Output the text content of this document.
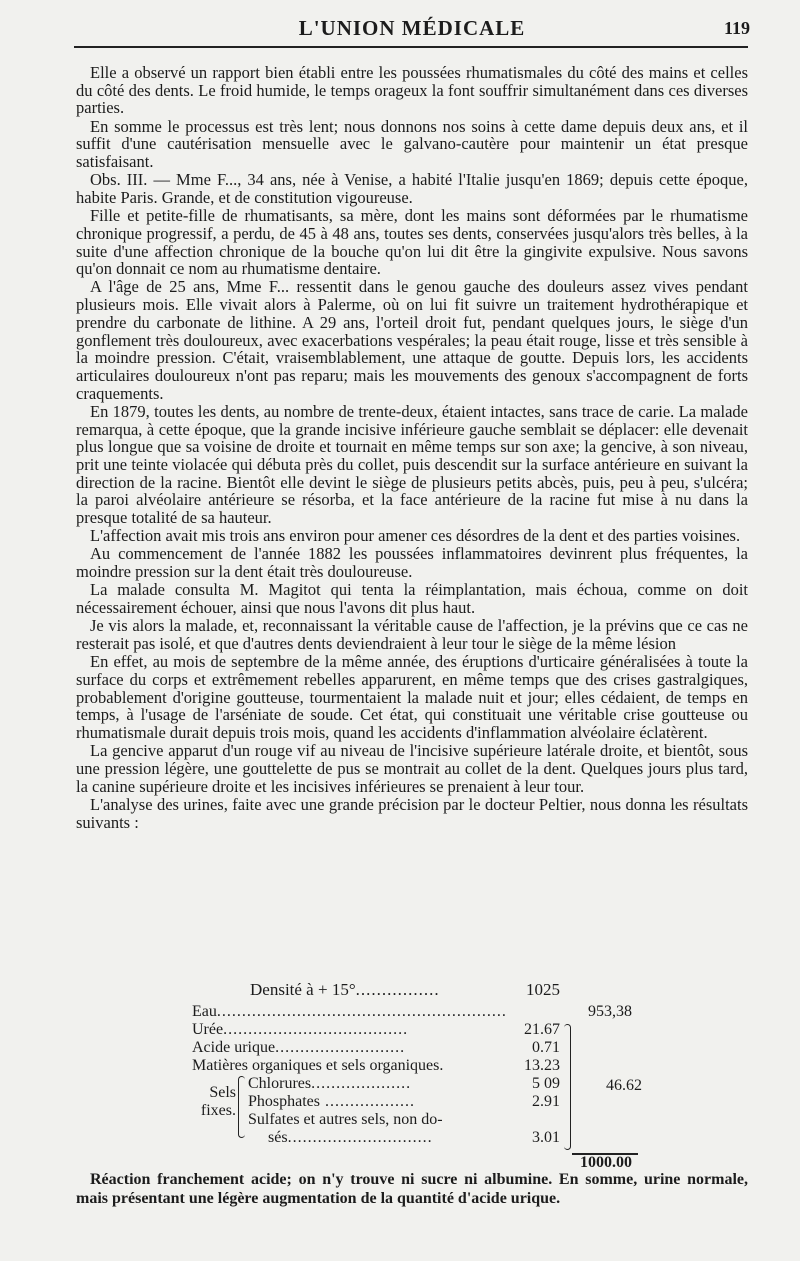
L'UNION MÉDICALE	119

Elle a observé un rapport bien établi entre les poussées rhumatismales du côté des mains et celles du côté des dents. Le froid humide, le temps orageux la font souffrir simultanément dans ces diverses parties.

En somme le processus est très lent; nous donnons nos soins à cette dame depuis deux ans, et il suffit d'une cautérisation mensuelle avec le galvano-cautère pour maintenir un état presque satisfaisant.

Obs. III. — Mme F..., 34 ans, née à Venise, a habité l'Italie jusqu'en 1869; depuis cette époque, habite Paris. Grande, et de constitution vigoureuse.

Fille et petite-fille de rhumatisants, sa mère, dont les mains sont déformées par le rhumatisme chronique progressif, a perdu, de 45 à 48 ans, toutes ses dents, conservées jusqu'alors très belles, à la suite d'une affection chronique de la bouche qu'on lui dit être la gingivite expulsive. Nous savons qu'on donnait ce nom au rhumatisme dentaire.

A l'âge de 25 ans, Mme F... ressentit dans le genou gauche des douleurs assez vives pendant plusieurs mois. Elle vivait alors à Palerme, où on lui fit suivre un traitement hydrothérapique et prendre du carbonate de lithine. A 29 ans, l'orteil droit fut, pendant quelques jours, le siège d'un gonflement très douloureux, avec exacerbations vespérales; la peau était rouge, lisse et très sensible à la moindre pression. C'était, vraisemblablement, une attaque de goutte. Depuis lors, les accidents articulaires douloureux n'ont pas reparu; mais les mouvements des genoux s'accompagnent de forts craquements.

En 1879, toutes les dents, au nombre de trente-deux, étaient intactes, sans trace de carie. La malade remarqua, à cette époque, que la grande incisive inférieure gauche semblait se déplacer: elle devenait plus longue que sa voisine de droite et tournait en même temps sur son axe; la gencive, à son niveau, prit une teinte violacée qui débuta près du collet, puis descendit sur la surface antérieure en suivant la direction de la racine. Bientôt elle devint le siège de plusieurs petits abcès, puis, peu à peu, s'ulcéra; la paroi alvéolaire antérieure se résorba, et la face antérieure de la racine fut mise à nu dans la presque totalité de sa hauteur.

L'affection avait mis trois ans environ pour amener ces désordres de la dent et des parties voisines.

Au commencement de l'année 1882 les poussées inflammatoires devinrent plus fréquentes, la moindre pression sur la dent était très douloureuse.

La malade consulta M. Magitot qui tenta la réimplantation, mais échoua, comme on doit nécessairement échouer, ainsi que nous l'avons dit plus haut.

Je vis alors la malade, et, reconnaissant la véritable cause de l'affection, je la prévins que ce cas ne resterait pas isolé, et que d'autres dents deviendraient à leur tour le siège de la même lésion

En effet, au mois de septembre de la même année, des éruptions d'urticaire généralisées à toute la surface du corps et extrêmement rebelles apparurent, en même temps que des crises gastralgiques, probablement d'origine goutteuse, tourmentaient la malade nuit et jour; elles cédaient, de temps en temps, à l'usage de l'arséniate de soude. Cet état, qui constituait une véritable crise goutteuse ou rhumatismale durait depuis trois mois, quand les accidents d'inflammation alvéolaire éclatèrent.

La gencive apparut d'un rouge vif au niveau de l'incisive supérieure latérale droite, et bientôt, sous une pression légère, une gouttelette de pus se montrait au collet de la dent. Quelques jours plus tard, la canine supérieure droite et les incisives inférieures se prenaient à leur tour.

L'analyse des urines, faite avec une grande précision par le docteur Peltier, nous donna les résultats suivants :

Densité à + 15°................	1025
Eau..........................................................	953,38
Urée.....................................	21.67
Acide urique..........................	0.71
Matières organiques et sels organiques.	13.23
Sels
fixes.
Chlorures....................	5 09
Phosphates ..................	2.91
Sulfates et autres sels, non do-
sés.............................	3.01
46.62
1000.00

Réaction franchement acide; on n'y trouve ni sucre ni albumine. En somme, urine normale, mais présentant une légère augmentation de la quantité d'acide urique.
